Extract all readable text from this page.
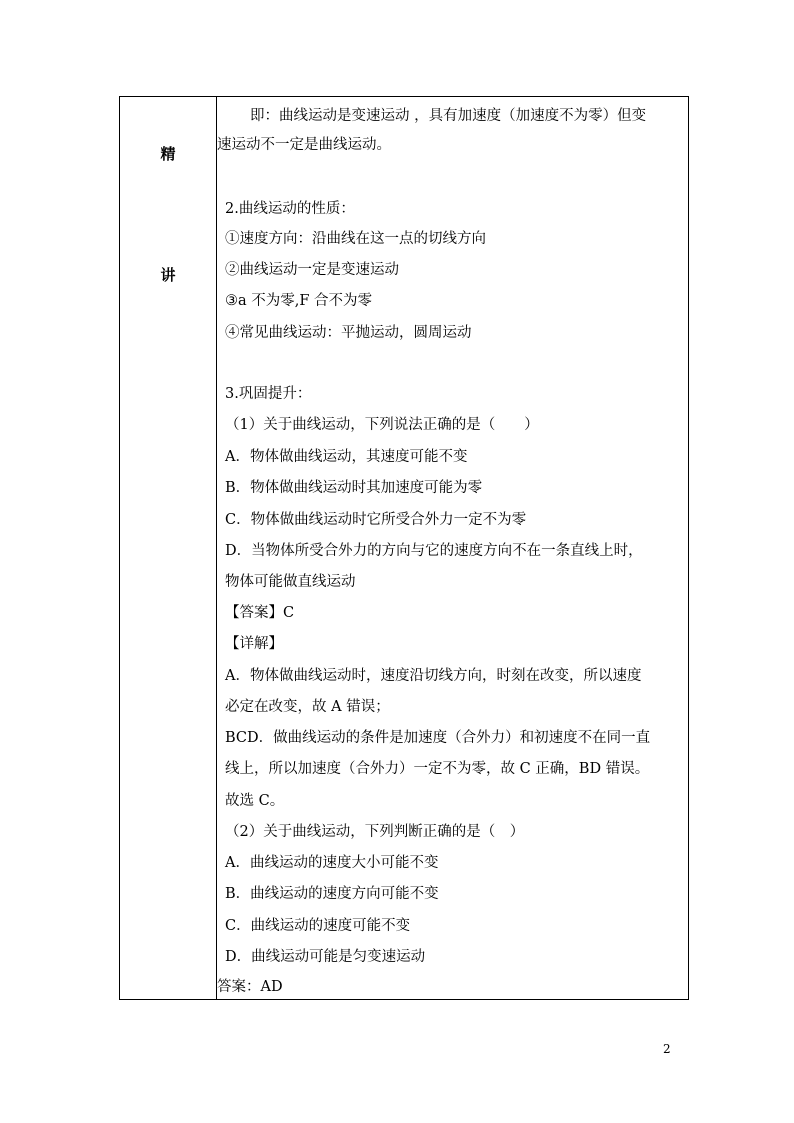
精
讲
即：曲线运动是变速运动 ，具有加速度（加速度不为零）但变
速运动不一定是曲线运动。
2.曲线运动的性质：
①速度方向：沿曲线在这一点的切线方向
②曲线运动一定是变速运动
③a 不为零,F 合不为零
④常见曲线运动：平抛运动，圆周运动
3.巩固提升：
（1）关于曲线运动，下列说法正确的是（　　）
A．物体做曲线运动，其速度可能不变
B．物体做曲线运动时其加速度可能为零
C．物体做曲线运动时它所受合外力一定不为零
D．当物体所受合外力的方向与它的速度方向不在一条直线上时，
物体可能做直线运动
【答案】C
【详解】
A．物体做曲线运动时，速度沿切线方向，时刻在改变，所以速度
必定在改变，故 A 错误；
BCD．做曲线运动的条件是加速度（合外力）和初速度不在同一直
线上，所以加速度（合外力）一定不为零，故 C 正确，BD 错误。
故选 C。
（2）关于曲线运动，下列判断正确的是（　）
A．曲线运动的速度大小可能不变
B．曲线运动的速度方向可能不变
C．曲线运动的速度可能不变
D．曲线运动可能是匀变速运动
答案：AD
2
